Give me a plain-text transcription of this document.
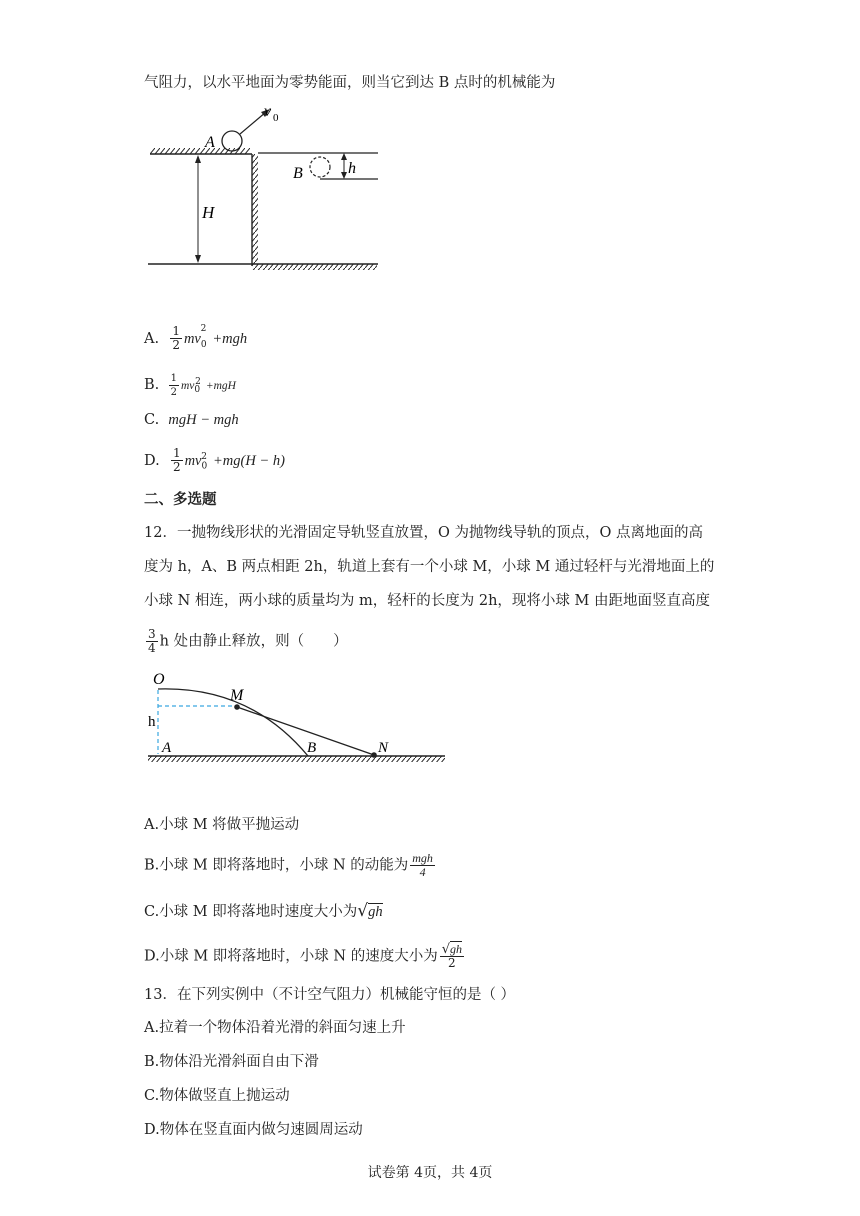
气阻力，以水平地面为零势能面，则当它到达 B 点时的机械能为
H
A
v 0
B	h
A. $\frac{1}{2} mv_0^2+mgh$
B. $\frac{1}{2} mv_0^2 +mgH$
C. mgH − mgh
D. $\frac{1}{2} mv_0^2 +mg(H - h)$
二、多选题
12．一抛物线形状的光滑固定导轨竖直放置，O 为抛物线导轨的顶点，O 点离地面的高
度为 h，A、B 两点相距 2h，轨道上套有一个小球 M，小球 M 通过轻杆与光滑地面上的
小球 N 相连，两小球的质量均为 m，轻杆的长度为 2h，现将小球 M 由距地面竖直高度
$\frac{3}{4}$ h 处由静止释放，则（　　）
O
M
h
A	B	N
A.小球 M 将做平抛运动
B.小球 M 即将落地时，小球 N 的动能为 $\frac{\text{mgh}}{4}$
C.小球 M 即将落地时速度大小为√gh
D.小球 M 即将落地时，小球 N 的速度大小为 $\frac{√gh}{2}$
13．在下列实例中（不计空气阻力）机械能守恒的是（ ）
A.拉着一个物体沿着光滑的斜面匀速上升
B.物体沿光滑斜面自由下滑
C.物体做竖直上抛运动
D.物体在竖直面内做匀速圆周运动
试卷第 4页，共 4页
